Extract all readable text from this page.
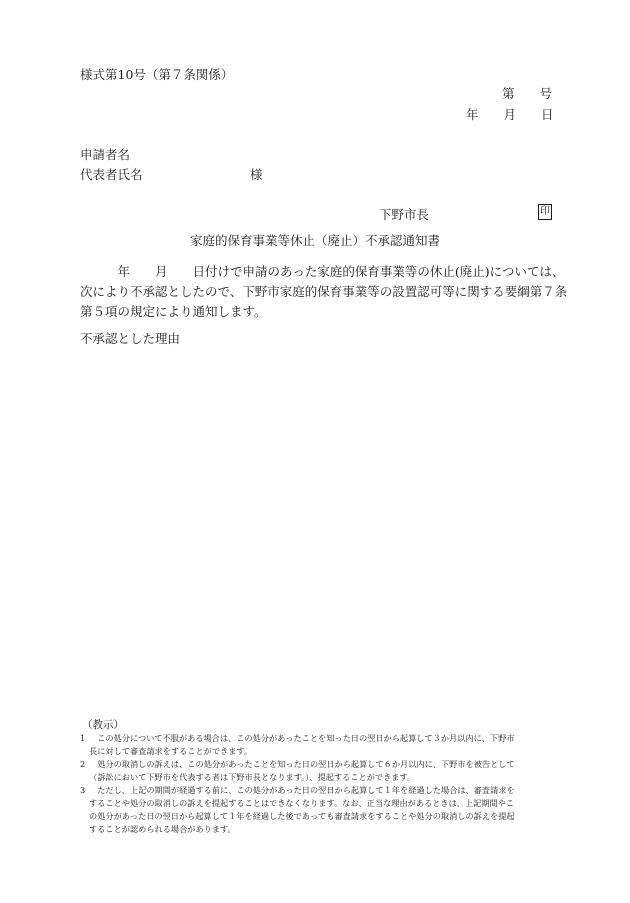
様式第10号（第７条関係）
第　　号
年　　月　　日
申請者名
代表者氏名	様
下野市長	印
家庭的保育事業等休止（廃止）不承認通知書
　　　年　　月　　日付けで申請のあった家庭的保育事業等の休止(廃止)については、
次により不承認としたので、下野市家庭的保育事業等の設置認可等に関する要綱第７条
第５項の規定により通知します。
不承認とした理由
（教示）
1 　この処分について不服がある場合は、この処分があったことを知った日の翌日から起算して３か月以内に、下野市
長に対して審査請求をすることができます。
2 　処分の取消しの訴えは、この処分があったことを知った日の翌日から起算して６か月以内に、下野市を被告として
（訴訟において下野市を代表する者は下野市長となります。）、提起することができます。
3 　ただし、上記の期間が経過する前に、この処分があった日の翌日から起算して１年を経過した場合は、審査請求を
することや処分の取消しの訴えを提起することはできなくなります。なお、正当な理由があるときは、上記期間やこ
の処分があった日の翌日から起算して１年を経過した後であっても審査請求をすることや処分の取消しの訴えを提起
することが認められる場合があります。
